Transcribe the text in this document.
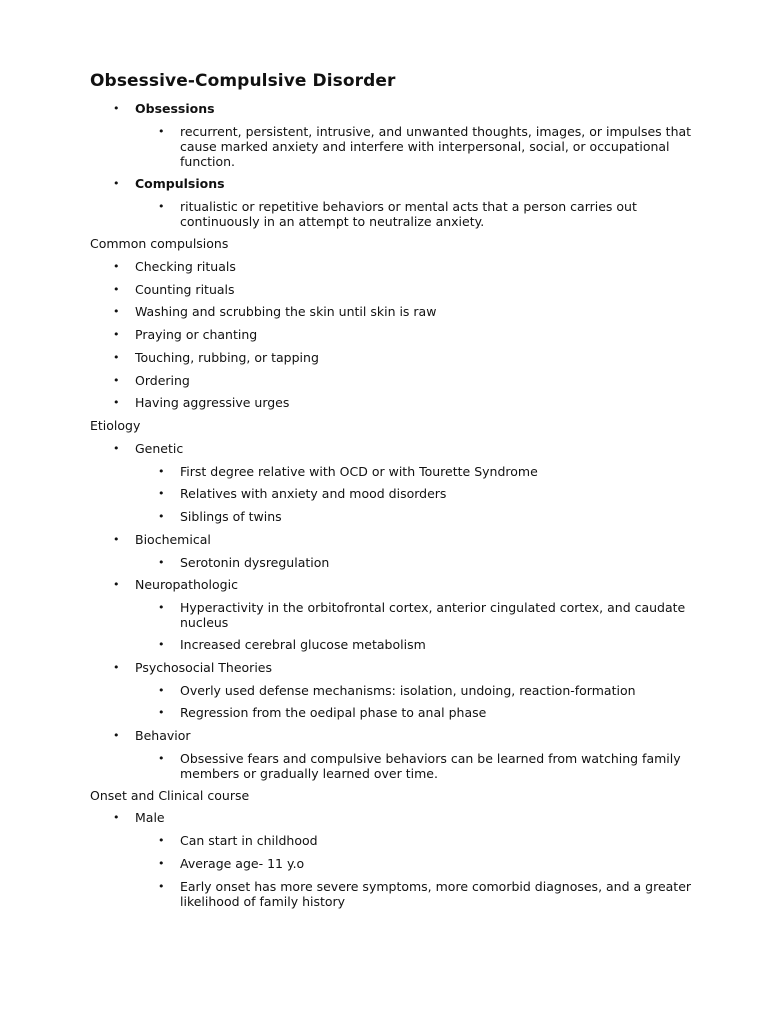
Obsessive-Compulsive Disorder
• Obsessions
• recurrent, persistent, intrusive, and unwanted thoughts, images, or impulses that
cause marked anxiety and interfere with interpersonal, social, or occupational
function.
• Compulsions
• ritualistic or repetitive behaviors or mental acts that a person carries out
continuously in an attempt to neutralize anxiety.
Common compulsions
• Checking rituals
• Counting rituals
• Washing and scrubbing the skin until skin is raw
• Praying or chanting
• Touching, rubbing, or tapping
• Ordering
• Having aggressive urges
Etiology
• Genetic
• First degree relative with OCD or with Tourette Syndrome
• Relatives with anxiety and mood disorders
• Siblings of twins
• Biochemical
• Serotonin dysregulation
• Neuropathologic
• Hyperactivity in the orbitofrontal cortex, anterior cingulated cortex, and caudate
nucleus
• Increased cerebral glucose metabolism
• Psychosocial Theories
• Overly used defense mechanisms: isolation, undoing, reaction-formation
• Regression from the oedipal phase to anal phase
• Behavior
• Obsessive fears and compulsive behaviors can be learned from watching family
members or gradually learned over time.
Onset and Clinical course
• Male
• Can start in childhood
• Average age- 11 y.o
• Early onset has more severe symptoms, more comorbid diagnoses, and a greater
likelihood of family history
